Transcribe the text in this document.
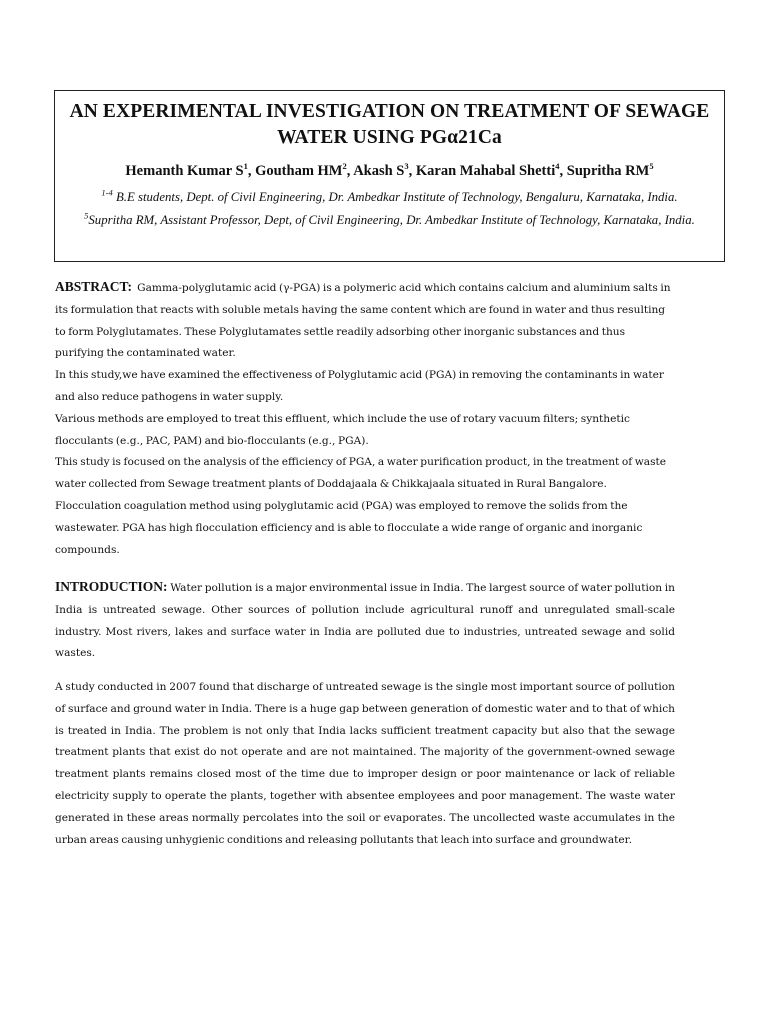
AN EXPERIMENTAL INVESTIGATION ON TREATMENT OF SEWAGE WATER USING PGα21Ca
Hemanth Kumar $S^1$, Goutham $HM^2$, Akash $S^3$, Karan Mahabal Shetti$^4$, Supritha $RM^5$
$^{1-4}$ B.E students, Dept. of Civil Engineering, Dr. Ambedkar Institute of Technology, Bengaluru, Karnataka, India.
$^5$Supritha RM, Assistant Professor, Dept, of Civil Engineering, Dr. Ambedkar Institute of Technology, Karnataka, India.

ABSTRACT: Gamma-polyglutamic acid (γ-PGA) is a polymeric acid which contains calcium and aluminium salts in its formulation that reacts with soluble metals having the same content which are found in water and thus resulting to form Polyglutamates. These Polyglutamates settle readily adsorbing other inorganic substances and thus purifying the contaminated water.

In this study,we have examined the effectiveness of Polyglutamic acid (PGA) in removing the contaminants in water and also reduce pathogens in water supply.

Various methods are employed to treat this effluent, which include the use of rotary vacuum filters; synthetic flocculants (e.g., PAC, PAM) and bio-flocculants (e.g., PGA).

This study is focused on the analysis of the efficiency of PGA, a water purification product, in the treatment of waste water collected from Sewage treatment plants of Doddajaala & Chikkajaala situated in Rural Bangalore. Flocculation coagulation method using polyglutamic acid (PGA) was employed to remove the solids from the wastewater. PGA has high flocculation efficiency and is able to flocculate a wide range of organic and inorganic compounds.

INTRODUCTION: Water pollution is a major environmental issue in India. The largest source of water pollution in India is untreated sewage. Other sources of pollution include agricultural runoff and unregulated small-scale industry. Most rivers, lakes and surface water in India are polluted due to industries, untreated sewage and solid wastes.

A study conducted in 2007 found that discharge of untreated sewage is the single most important source of pollution of surface and ground water in India. There is a huge gap between generation of domestic water and to that of which is treated in India. The problem is not only that India lacks sufficient treatment capacity but also that the sewage treatment plants that exist do not operate and are not maintained. The majority of the government-owned sewage treatment plants remains closed most of the time due to improper design or poor maintenance or lack of reliable electricity supply to operate the plants, together with absentee employees and poor management. The waste water generated in these areas normally percolates into the soil or evaporates. The uncollected waste accumulates in the urban areas causing unhygienic conditions and releasing pollutants that leach into surface and groundwater.
